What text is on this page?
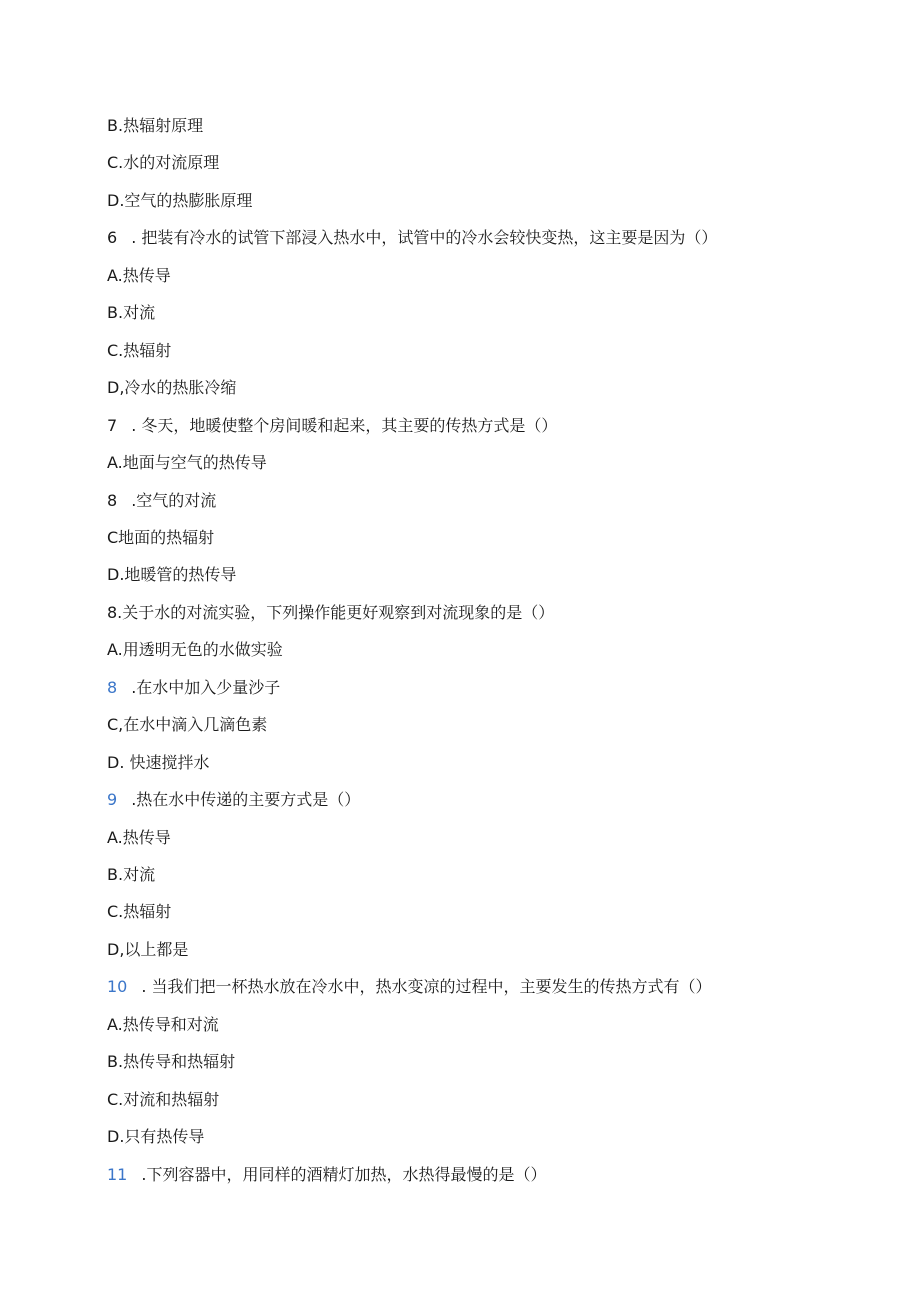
B.热辐射原理
C.水的对流原理
D.空气的热膨胀原理
6 . 把装有冷水的试管下部浸入热水中，试管中的冷水会较快变热，这主要是因为（）
A.热传导
B.对流
C.热辐射
D,冷水的热胀冷缩
7 . 冬天，地暖使整个房间暖和起来，其主要的传热方式是（）
A.地面与空气的热传导
8 .空气的对流
C地面的热辐射
D.地暖管的热传导
8.关于水的对流实验，下列操作能更好观察到对流现象的是（）
A.用透明无色的水做实验
8 .在水中加入少量沙子
C,在水中滴入几滴色素
D. 快速搅拌水
9 .热在水中传递的主要方式是（）
A.热传导
B.对流
C.热辐射
D,以上都是
10 . 当我们把一杯热水放在冷水中，热水变凉的过程中，主要发生的传热方式有（）
A.热传导和对流
B.热传导和热辐射
C.对流和热辐射
D.只有热传导
11 .下列容器中，用同样的酒精灯加热，水热得最慢的是（）
